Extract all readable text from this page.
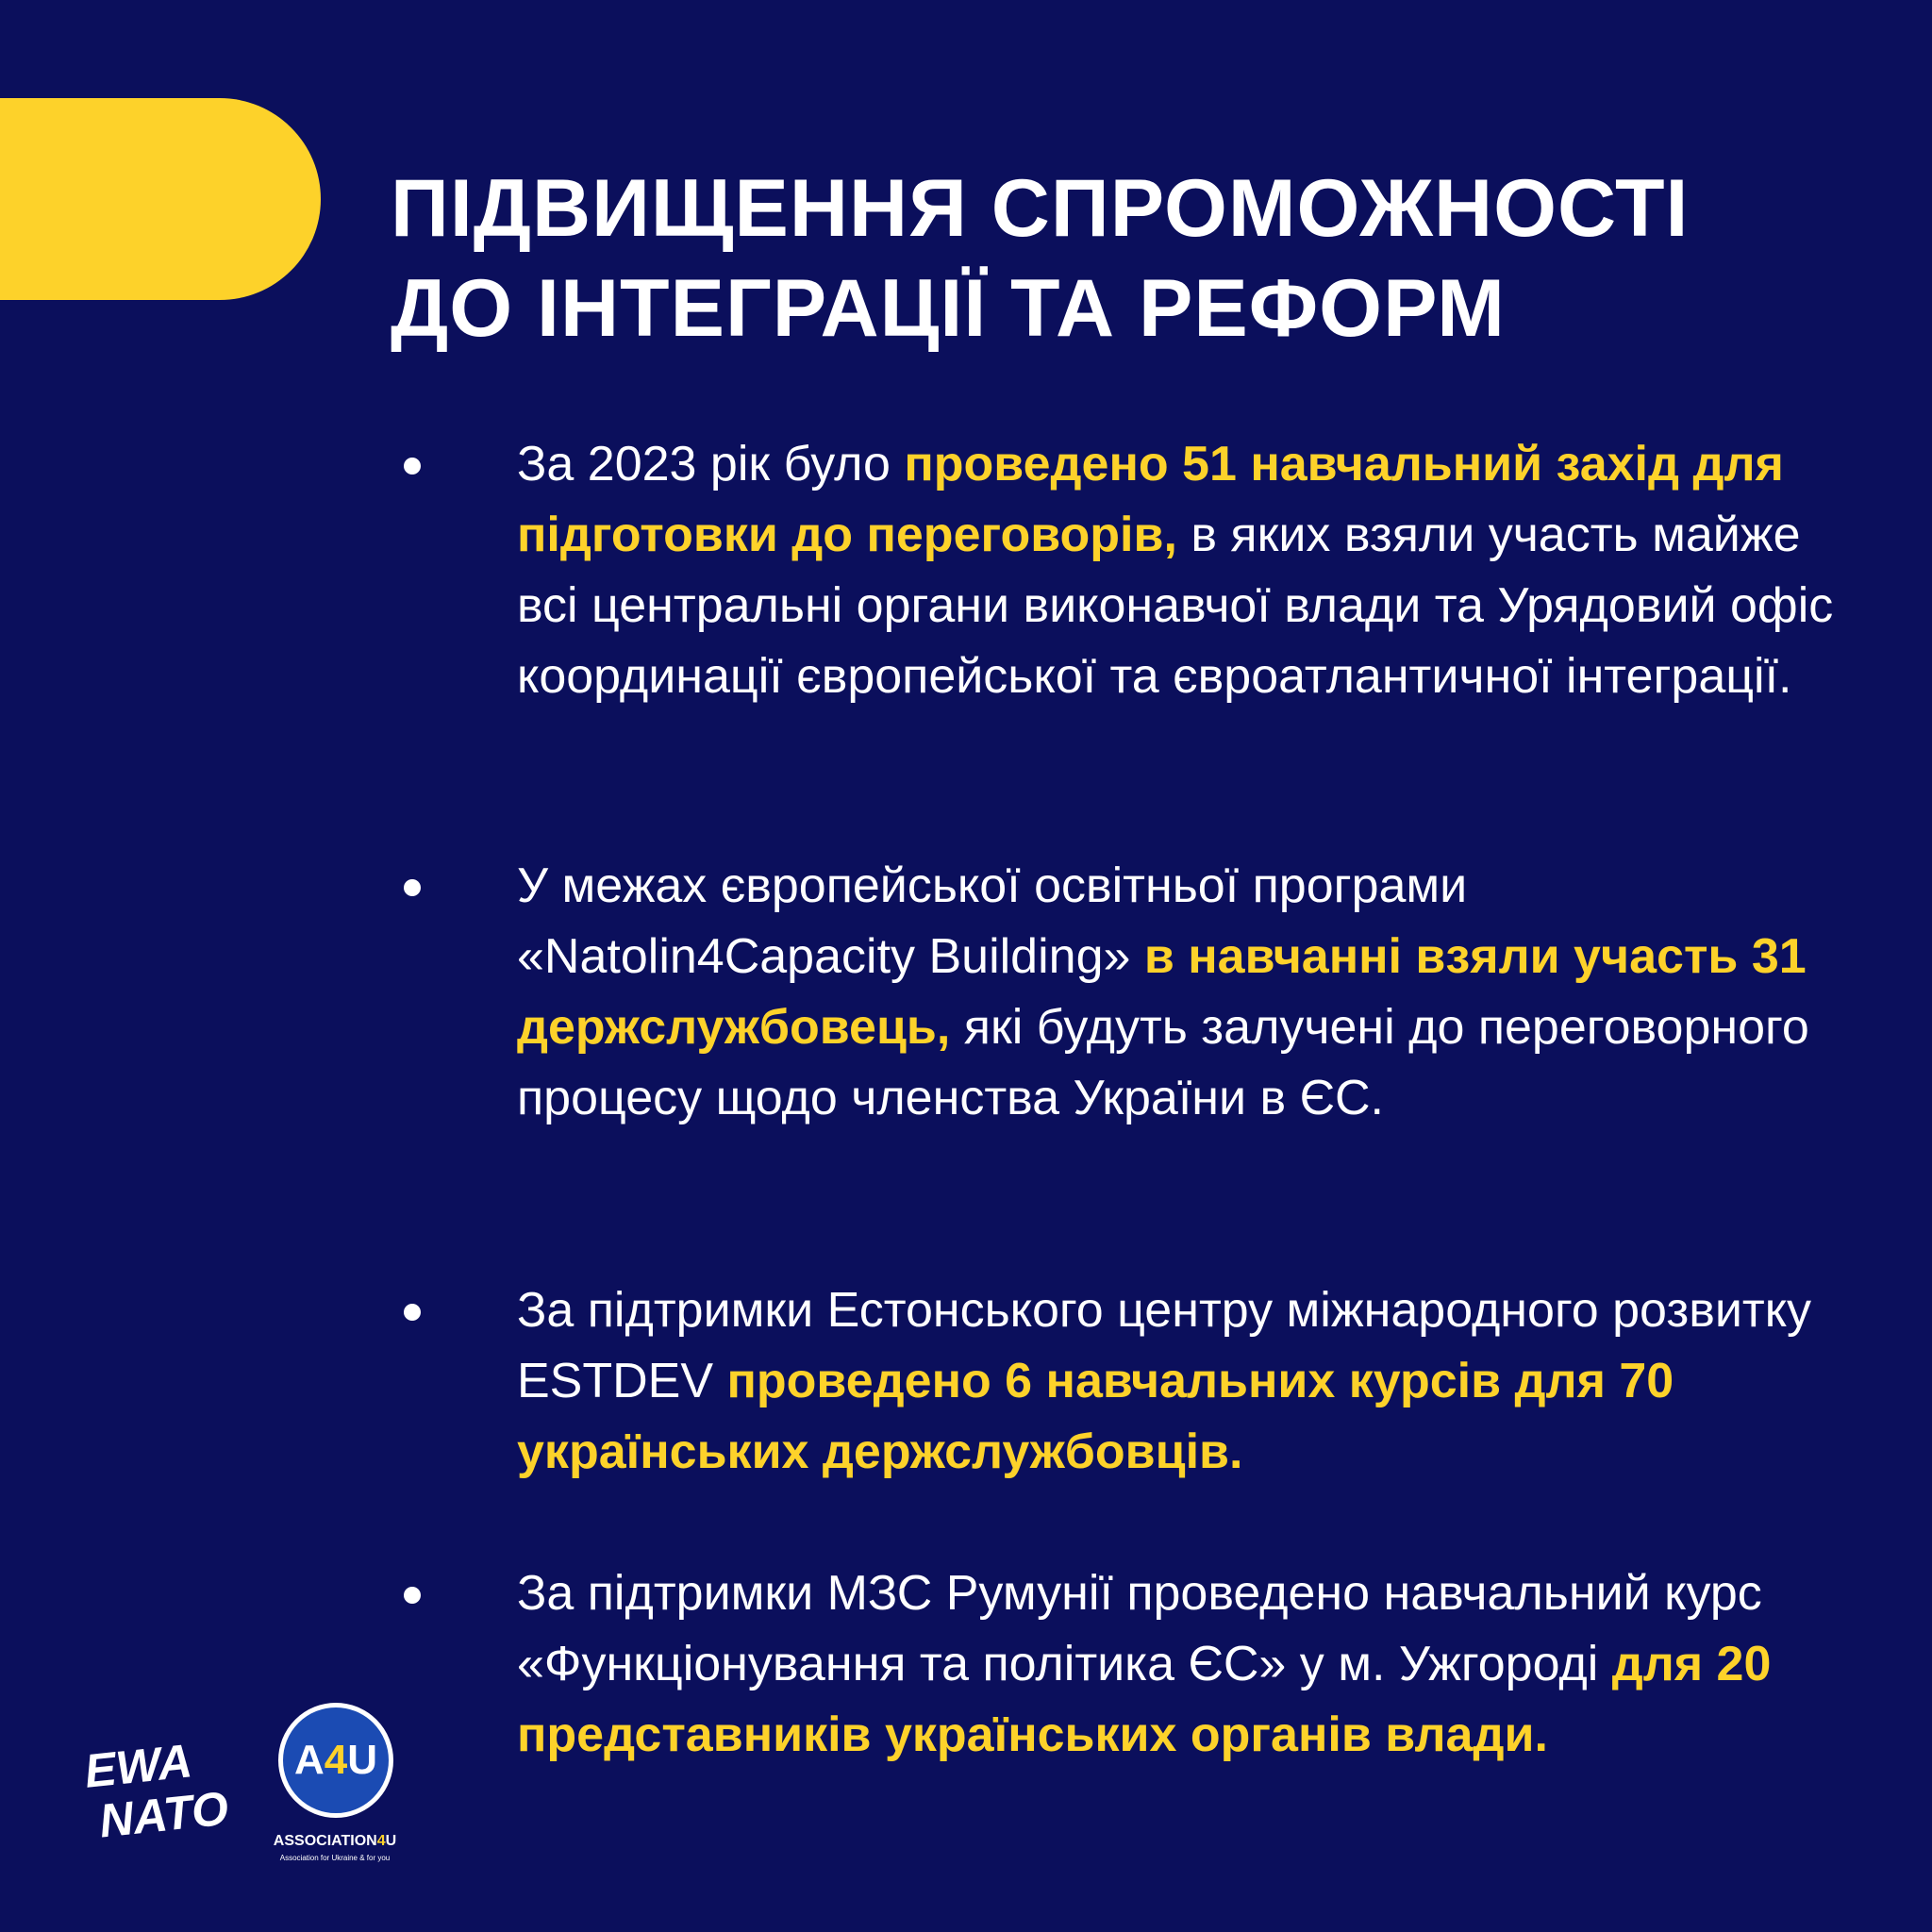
ПІДВИЩЕННЯ СПРОМОЖНОСТІ
ДО ІНТЕГРАЦІЇ ТА РЕФОРМ
За 2023 рік було проведено 51 навчальний захід для підготовки до переговорів, в яких взяли участь майже всі центральні органи виконавчої влади та Урядовий офіс координації європейської та євроатлантичної інтеграції.
У межах європейської освітньої програми «Natolin4Capacity Building» в навчанні взяли участь 31 держслужбовець, які будуть залучені до переговорного процесу щодо членства України в ЄС.
За підтримки Естонського центру міжнародного розвитку ESTDEV проведено 6 навчальних курсів для 70 українських держслужбовців.
За підтримки МЗС Румунії проведено навчальний курс «Функціонування та політика ЄС» у м. Ужгороді для 20 представників українських органів влади.
EWA
NATO
A 4 U
ASSOCIATION4U
Association for Ukraine & for you
